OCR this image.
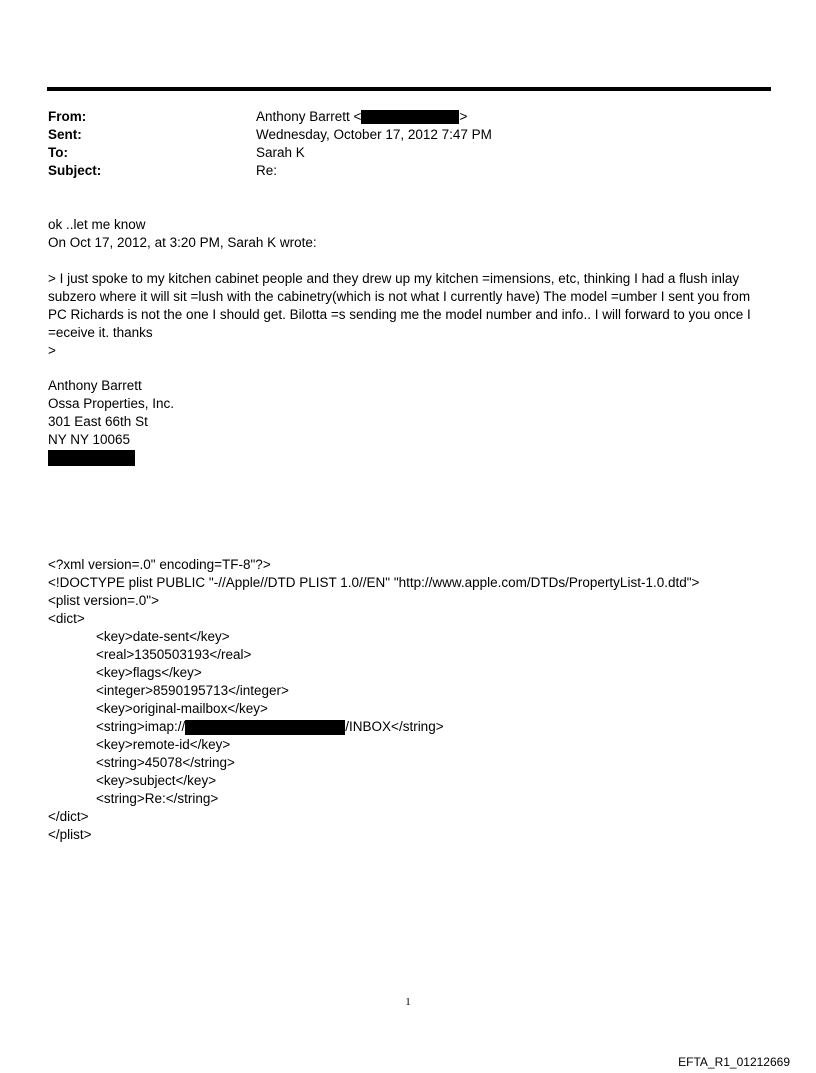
From:	Anthony Barrett <	>
Sent:	Wednesday, October 17, 2012 7:47 PM
To:	Sarah K
Subject:	Re:
ok ..let me know
On Oct 17, 2012, at 3:20 PM, Sarah K wrote:
> I just spoke to my kitchen cabinet people and they drew up my kitchen =imensions, etc, thinking I had a flush inlay subzero where it will sit =lush with the cabinetry(which is not what I currently have) The model =umber I sent you from PC Richards is not the one I should get. Bilotta =s sending me the model number and info.. I will forward to you once I =eceive it. thanks
>
Anthony Barrett
Ossa Properties, Inc.
301 East 66th St
NY NY 10065
<?xml version=.0" encoding=TF-8"?>
<!DOCTYPE plist PUBLIC "-//Apple//DTD PLIST 1.0//EN" "http://www.apple.com/DTDs/PropertyList-1.0.dtd">
<plist version=.0">
<dict>
<key>date-sent</key>
<real>1350503193</real>
<key>flags</key>
<integer>8590195713</integer>
<key>original-mailbox</key>
<string>imap://	/INBOX</string>
<key>remote-id</key>
<string>45078</string>
<key>subject</key>
<string>Re:</string>
</dict>
</plist>
1
EFTA_R1_01212669
